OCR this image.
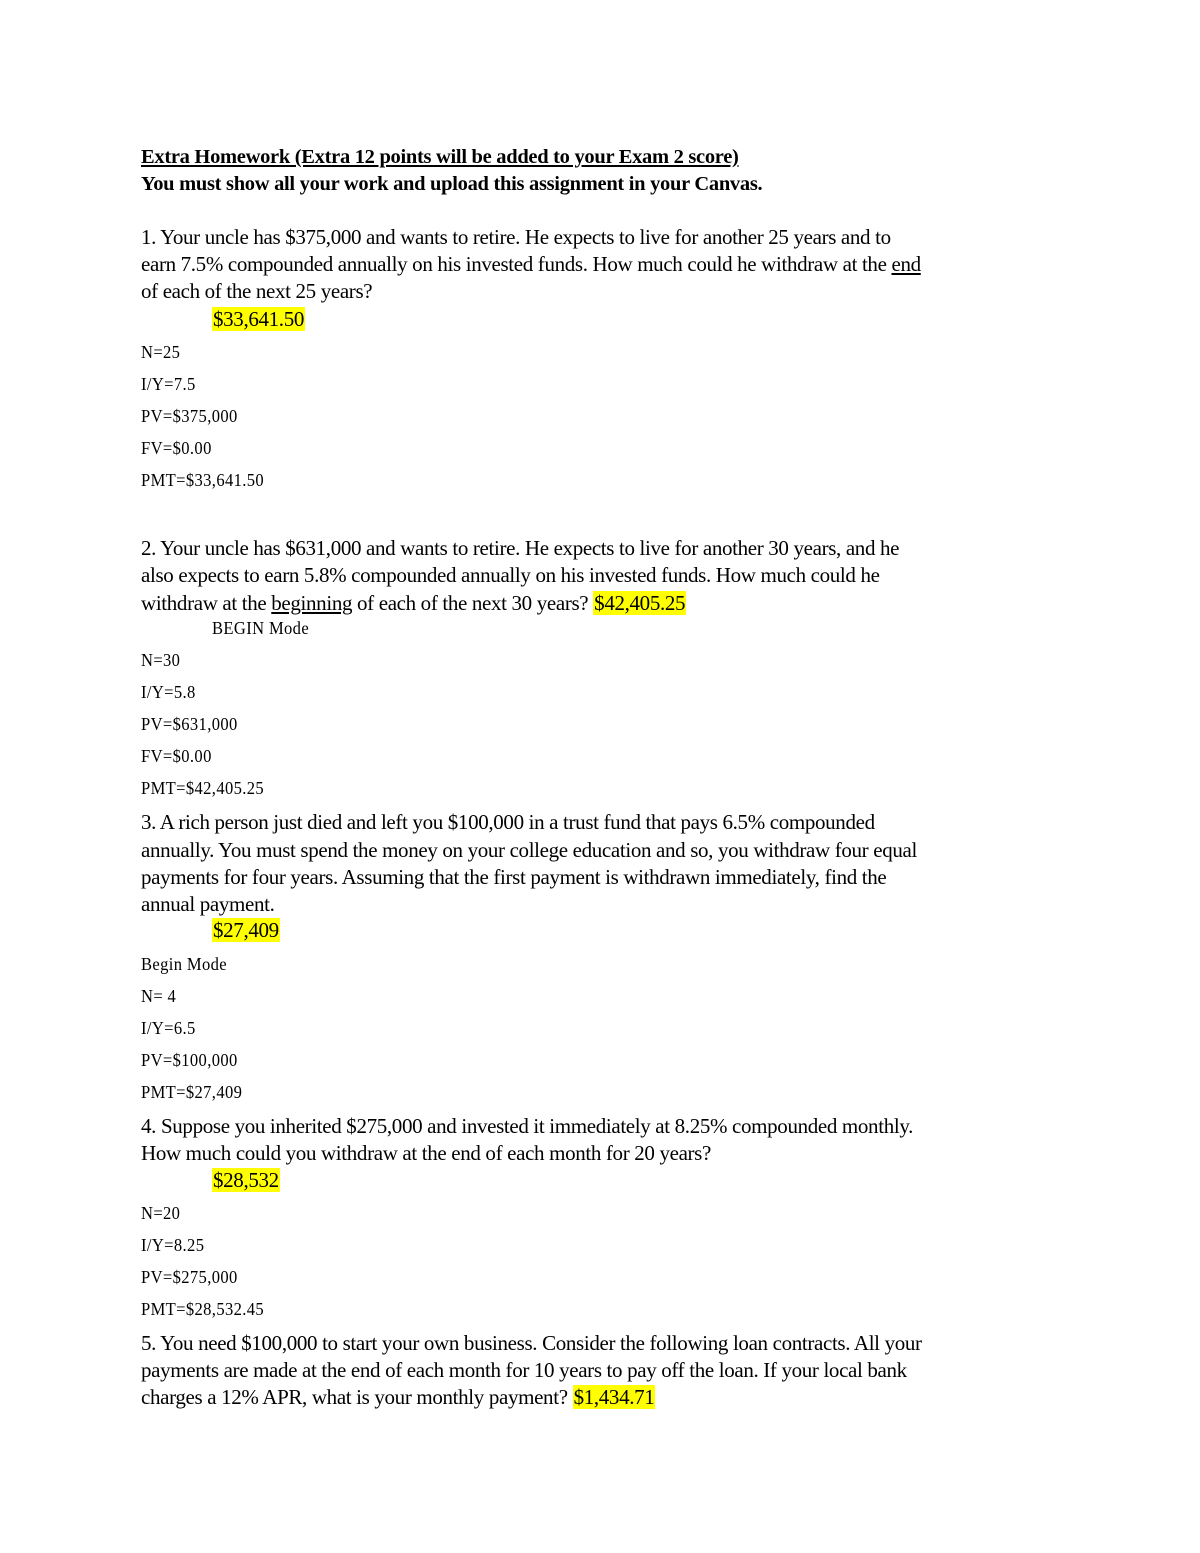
Extra Homework (Extra 12 points will be added to your Exam 2 score)
You must show all your work and upload this assignment in your Canvas.
1. Your uncle has $375,000 and wants to retire. He expects to live for another 25 years and to
earn 7.5% compounded annually on his invested funds. How much could he withdraw at the end
of each of the next 25 years?
$33,641.50
N=25
I/Y=7.5
PV=$375,000
FV=$0.00
PMT=$33,641.50
2. Your uncle has $631,000 and wants to retire. He expects to live for another 30 years, and he
also expects to earn 5.8% compounded annually on his invested funds. How much could he
withdraw at the beginning of each of the next 30 years? $42,405.25
BEGIN Mode
N=30
I/Y=5.8
PV=$631,000
FV=$0.00
PMT=$42,405.25
3. A rich person just died and left you $100,000 in a trust fund that pays 6.5% compounded
annually. You must spend the money on your college education and so, you withdraw four equal
payments for four years. Assuming that the first payment is withdrawn immediately, find the
annual payment.
$27,409
Begin Mode
N= 4
I/Y=6.5
PV=$100,000
PMT=$27,409
4. Suppose you inherited $275,000 and invested it immediately at 8.25% compounded monthly.
How much could you withdraw at the end of each month for 20 years?
$28,532
N=20
I/Y=8.25
PV=$275,000
PMT=$28,532.45
5. You need $100,000 to start your own business. Consider the following loan contracts. All your
payments are made at the end of each month for 10 years to pay off the loan. If your local bank
charges a 12% APR, what is your monthly payment? $1,434.71
